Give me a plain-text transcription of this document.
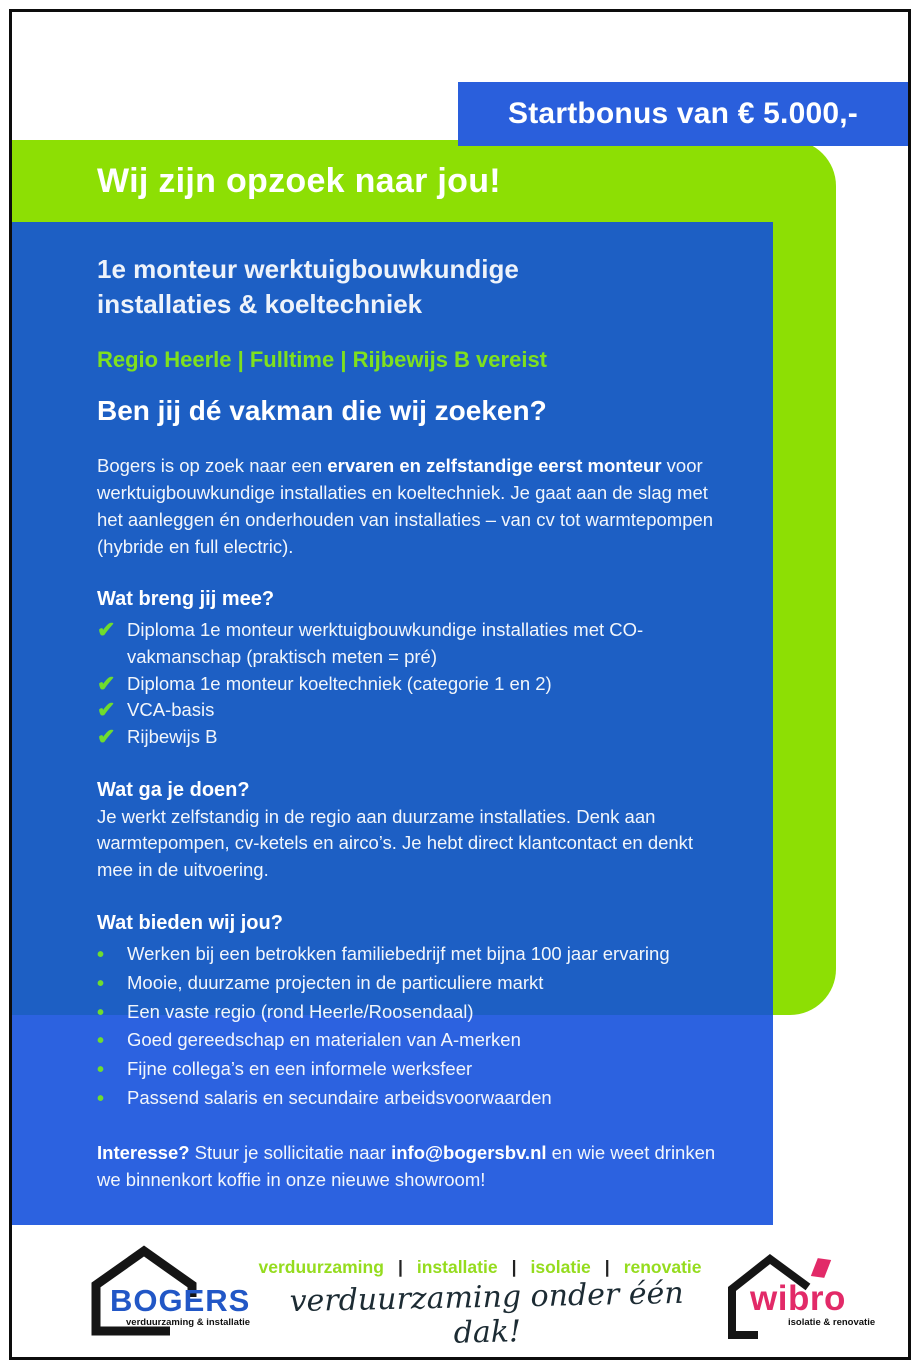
Startbonus van € 5.000,-
Wij zijn opzoek naar jou!
1e monteur werktuigbouwkundige
installaties & koeltechniek
Regio Heerle | Fulltime | Rijbewijs B vereist
Ben jij dé vakman die wij zoeken?
Bogers is op zoek naar een ervaren en zelfstandige eerst monteur voor werktuigbouwkundige installaties en koeltechniek. Je gaat aan de slag met het aanleggen én onderhouden van installaties – van cv tot warmtepompen (hybride en full electric).
Wat breng jij mee?
✔ Diploma 1e monteur werktuigbouwkundige installaties met CO-vakmanschap (praktisch meten = pré)
✔ Diploma 1e monteur koeltechniek (categorie 1 en 2)
✔ VCA-basis
✔ Rijbewijs B
Wat ga je doen?
Je werkt zelfstandig in de regio aan duurzame installaties. Denk aan warmtepompen, cv-ketels en airco’s. Je hebt direct klantcontact en denkt mee in de uitvoering.
Wat bieden wij jou?
•	Werken bij een betrokken familiebedrijf met bijna 100 jaar ervaring
•	Mooie, duurzame projecten in de particuliere markt
•	Een vaste regio (rond Heerle/Roosendaal)
•	Goed gereedschap en materialen van A-merken
•	Fijne collega’s en een informele werksfeer
•	Passend salaris en secundaire arbeidsvoorwaarden
Interesse? Stuur je sollicitatie naar info@bogersbv.nl en wie weet drinken we binnenkort koffie in onze nieuwe showroom!
BOGERS
verduurzaming & installatie
verduurzaming | installatie | isolatie | renovatie
verduurzaming onder één dak!
wibro
isolatie & renovatie
